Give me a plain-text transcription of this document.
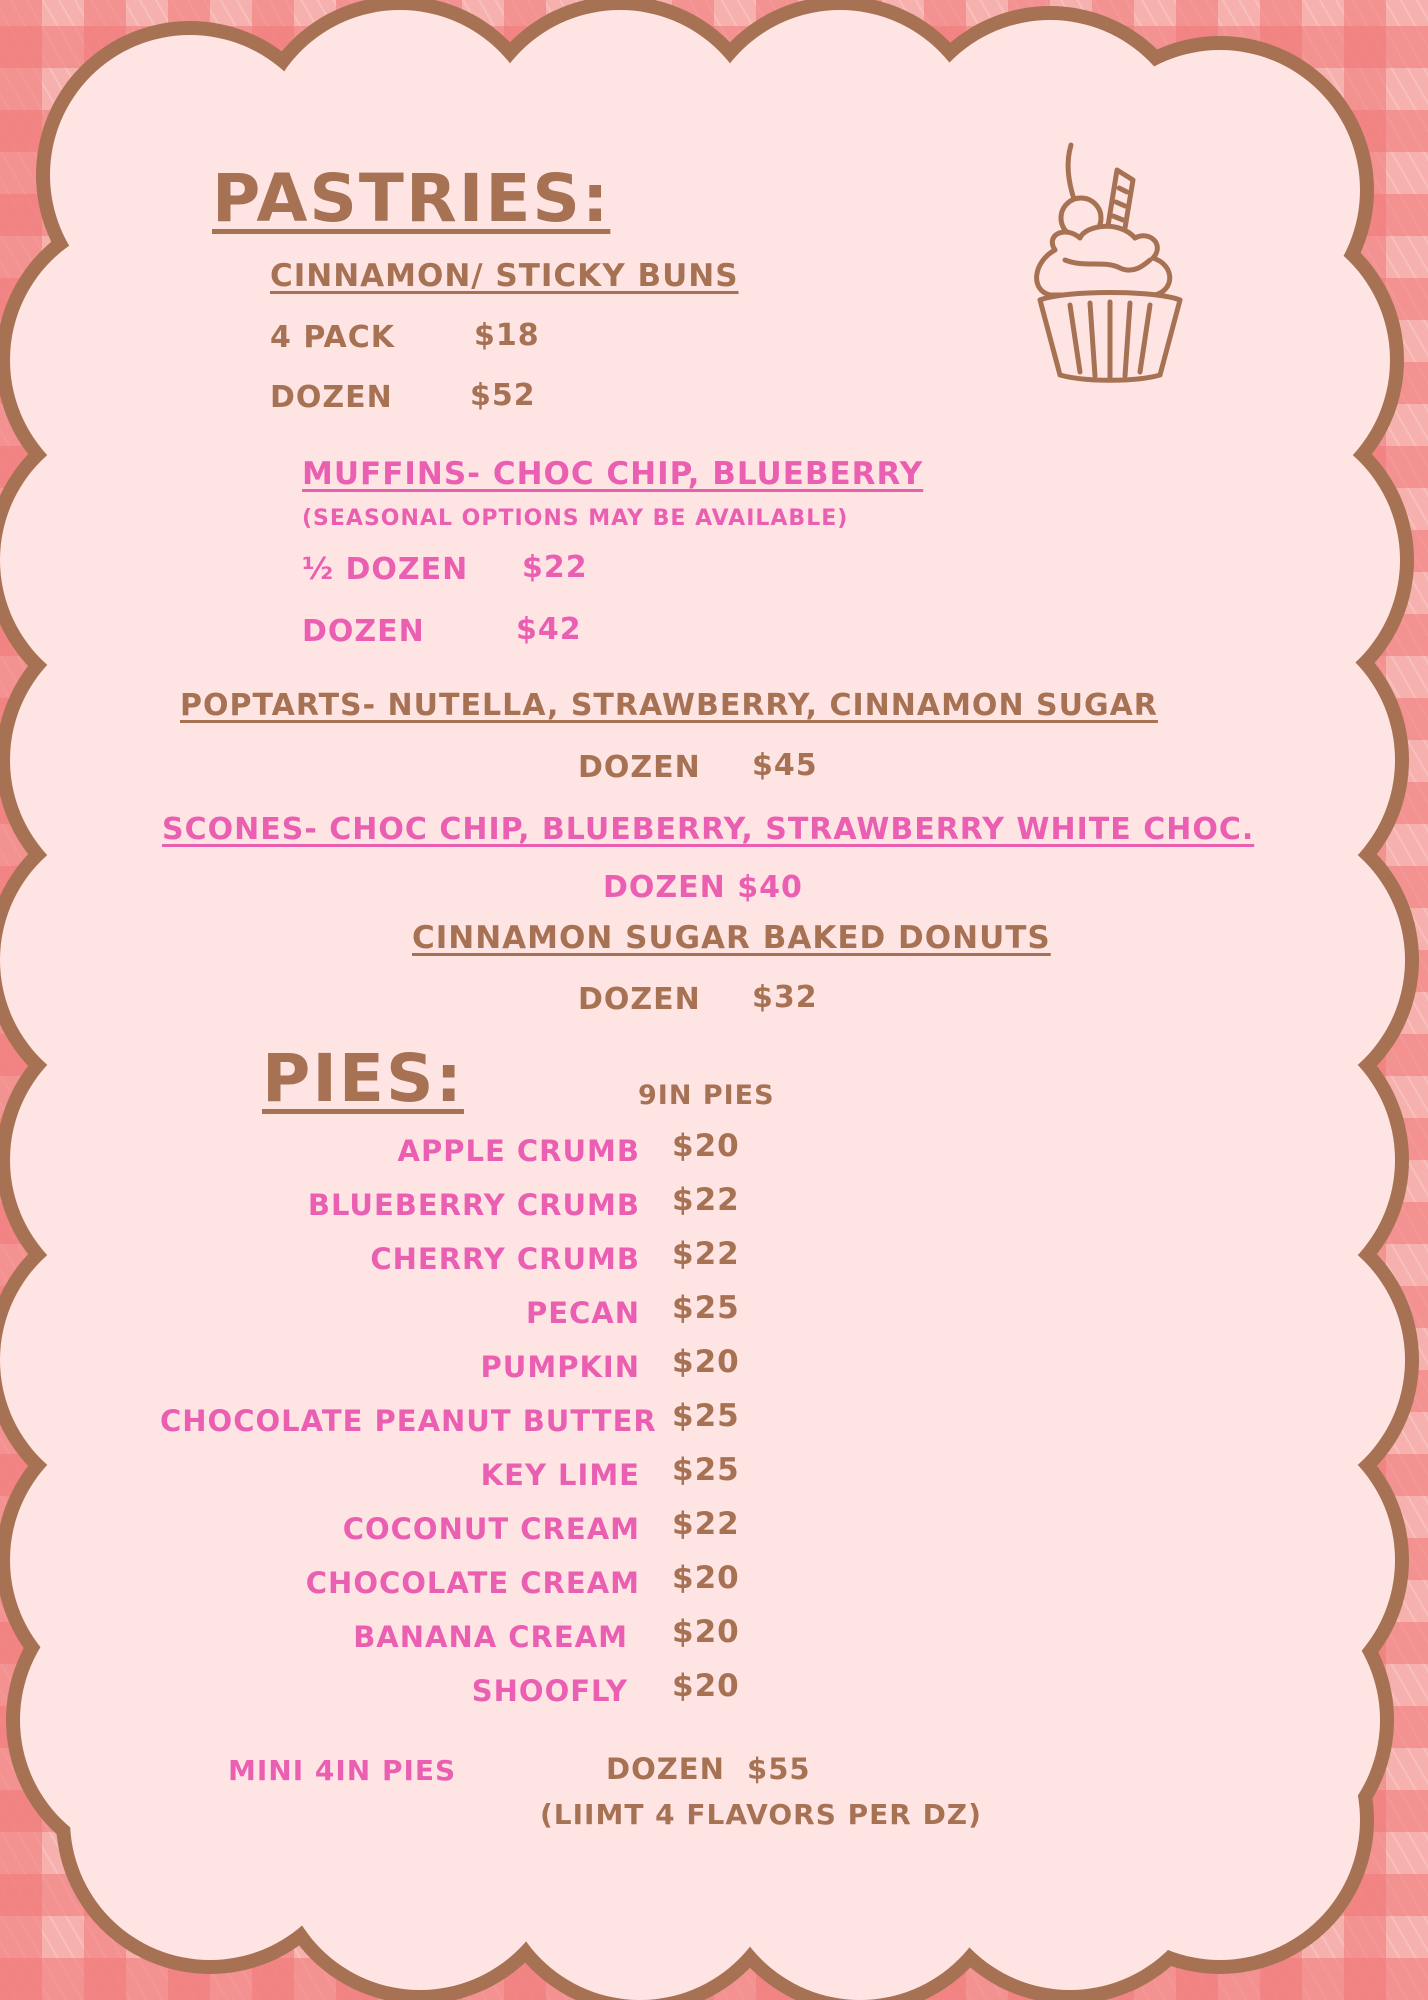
PASTRIES:
CINNAMON/ STICKY BUNS
4 PACK	$18
DOZEN	$52
MUFFINS- CHOC CHIP, BLUEBERRY
(SEASONAL OPTIONS MAY BE AVAILABLE)
½ DOZEN $22
DOZEN	$42
POPTARTS- NUTELLA, STRAWBERRY, CINNAMON SUGAR
DOZEN $45
SCONES- CHOC CHIP, BLUEBERRY, STRAWBERRY WHITE CHOC.
DOZEN $40
CINNAMON SUGAR BAKED DONUTS
DOZEN $32
PIES:	9IN PIES
APPLE CRUMB $20
BLUEBERRY CRUMB $22
CHERRY CRUMB $22
PECAN $25
PUMPKIN $20
CHOCOLATE PEANUT BUTTER $25
KEY LIME $25
COCONUT CREAM $22
CHOCOLATE CREAM $20
BANANA CREAM $20
SHOOFLY $20
MINI 4IN PIES	DOZEN  $55
(LIIMT 4 FLAVORS PER DZ)
